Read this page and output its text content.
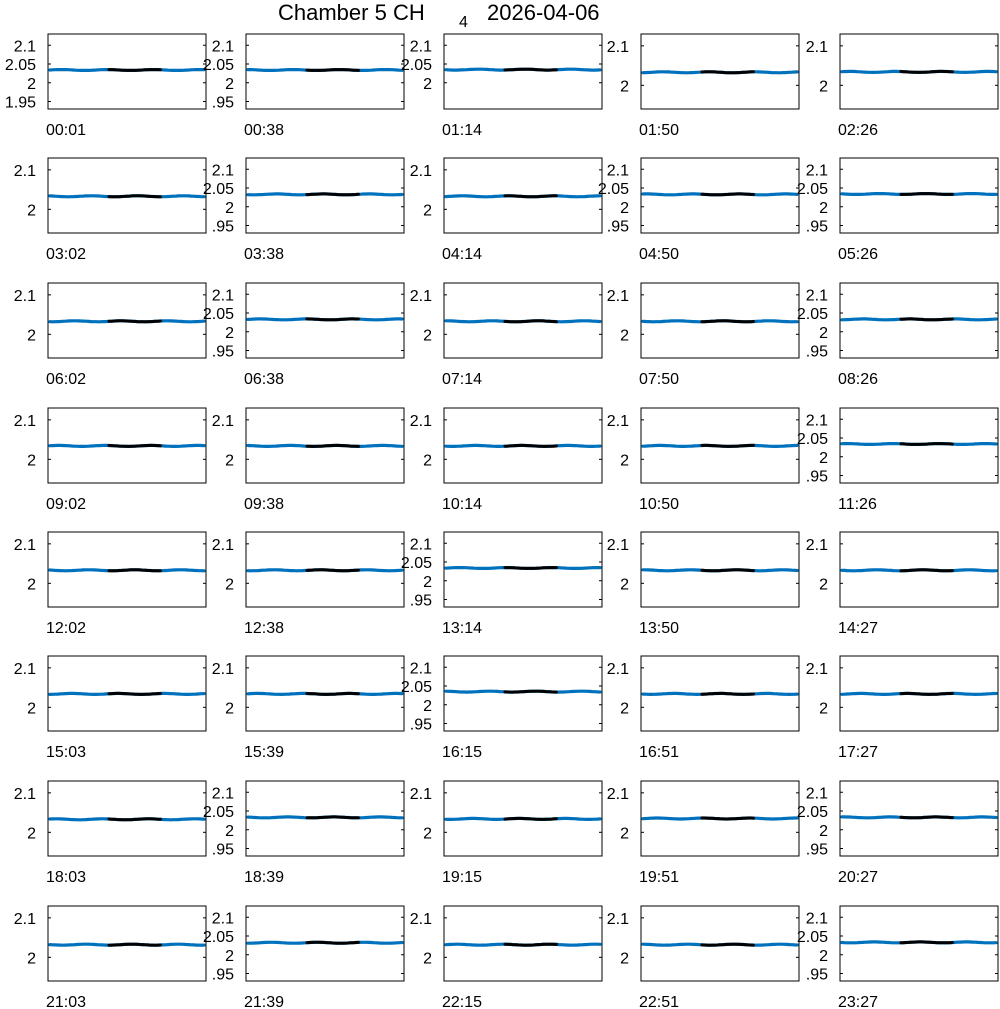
Chamber 5 CH 4 2026-04-06
2.1
2.05
2
1.95
00:01
2.1
2.05
2
.95
00:38
2.1
2.05
2
01:14
2.1
2
01:50
2.1
2
02:26
2.1
2
03:02
2.1
2.05
2
.95
03:38
2.1
2
04:14
2.1
2.05
2
.95
04:50
2.1
2.05
2
.95
05:26
2.1
2
06:02
2.1
2.05
2
.95
06:38
2.1
2
07:14
2.1
2
07:50
2.1
2.05
2
.95
08:26
2.1
2
09:02
2.1
2
09:38
2.1
2
10:14
2.1
2
10:50
2.1
2.05
2
.95
11:26
2.1
2
12:02
2.1
2
12:38
2.1
2.05
2
.95
13:14
2.1
2
13:50
2.1
2
14:27
2.1
2
15:03
2.1
2
15:39
2.1
2.05
2
.95
16:15
2.1
2
16:51
2.1
2
17:27
2.1
2
18:03
2.1
2.05
2
.95
18:39
2.1
2
19:15
2.1
2
19:51
2.1
2.05
2
.95
20:27
2.1
2
21:03
2.1
2.05
2
.95
21:39
2.1
2
22:15
2.1
2
22:51
2.1
2.05
2
.95
23:27
